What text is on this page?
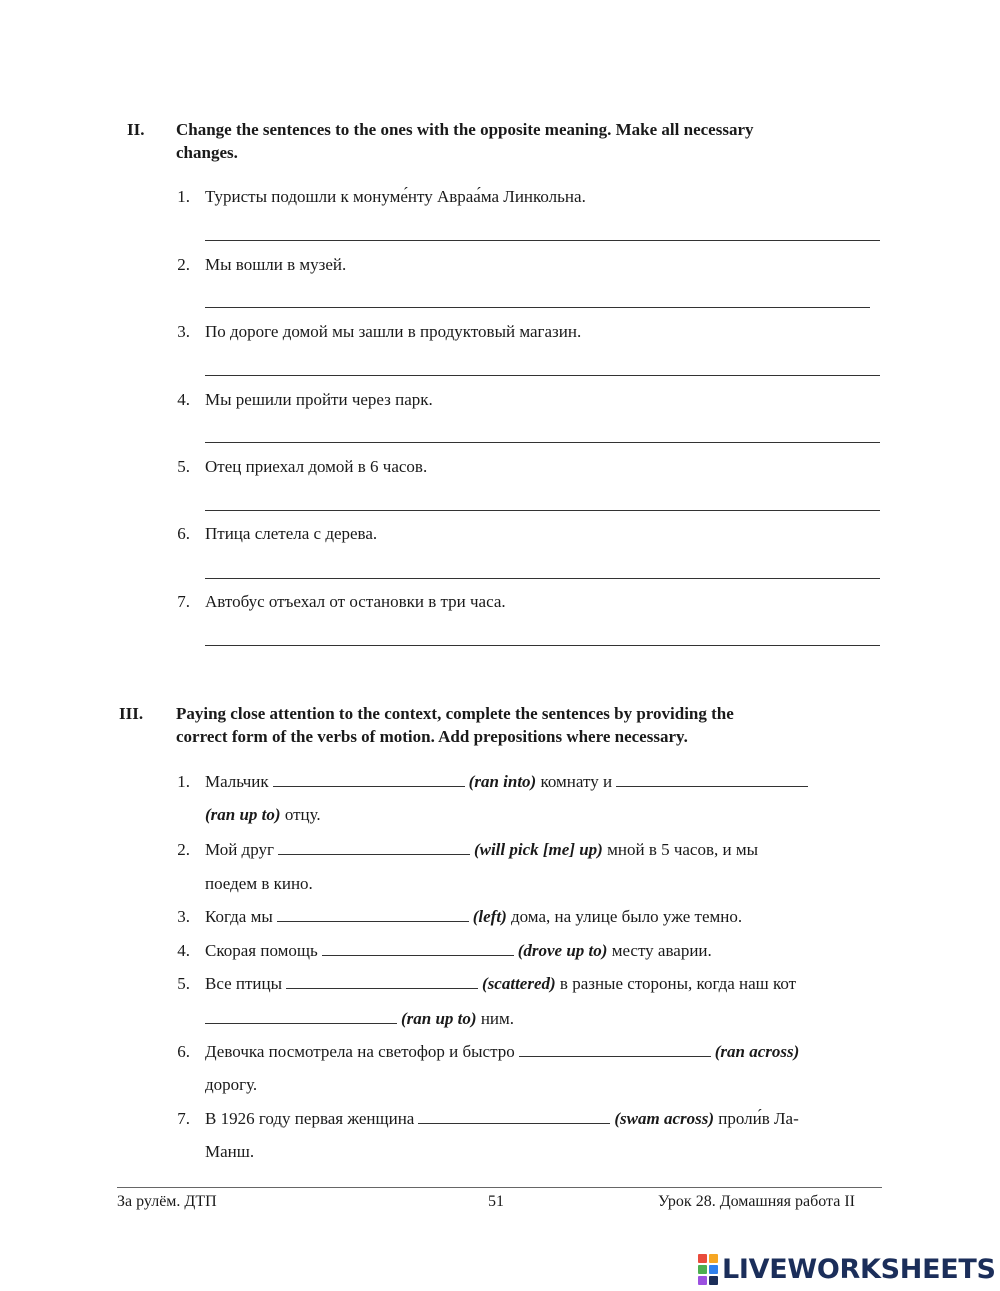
II. Change the sentences to the ones with the opposite meaning. Make all necessary
changes.
1. Туристы подошли к монуме́нту Авраа́ма Линкольна.
2. Мы вошли в музей.
3. По дороге домой мы зашли в продуктовый магазин.
4. Мы решили пройти через парк.
5. Отец приехал домой в 6 часов.
6. Птица слетела с дерева.
7. Автобус отъехал от остановки в три часа.
III. Paying close attention to the context, complete the sentences by providing the
correct form of the verbs of motion. Add prepositions where necessary.
1. Мальчик	(ran into) комнату и
(ran up to) отцу.
2. Мой друг	(will pick [me] up) мной в 5 часов, и мы
поедем в кино.
3. Когда мы	(left) дома, на улице было уже темно.
4. Скорая помощь	(drove up to) месту аварии.
5. Все птицы	(scattered) в разные стороны, когда наш кот
(ran up to) ним.
6. Девочка посмотрела на светофор и быстро	(ran across)
дорогу.
7. В 1926 году первая женщина	(swam across) проли́в Ла-
Манш.
За рулём. ДТП	51	Урок 28. Домашняя работа II
LIVEWORKSHEETS
